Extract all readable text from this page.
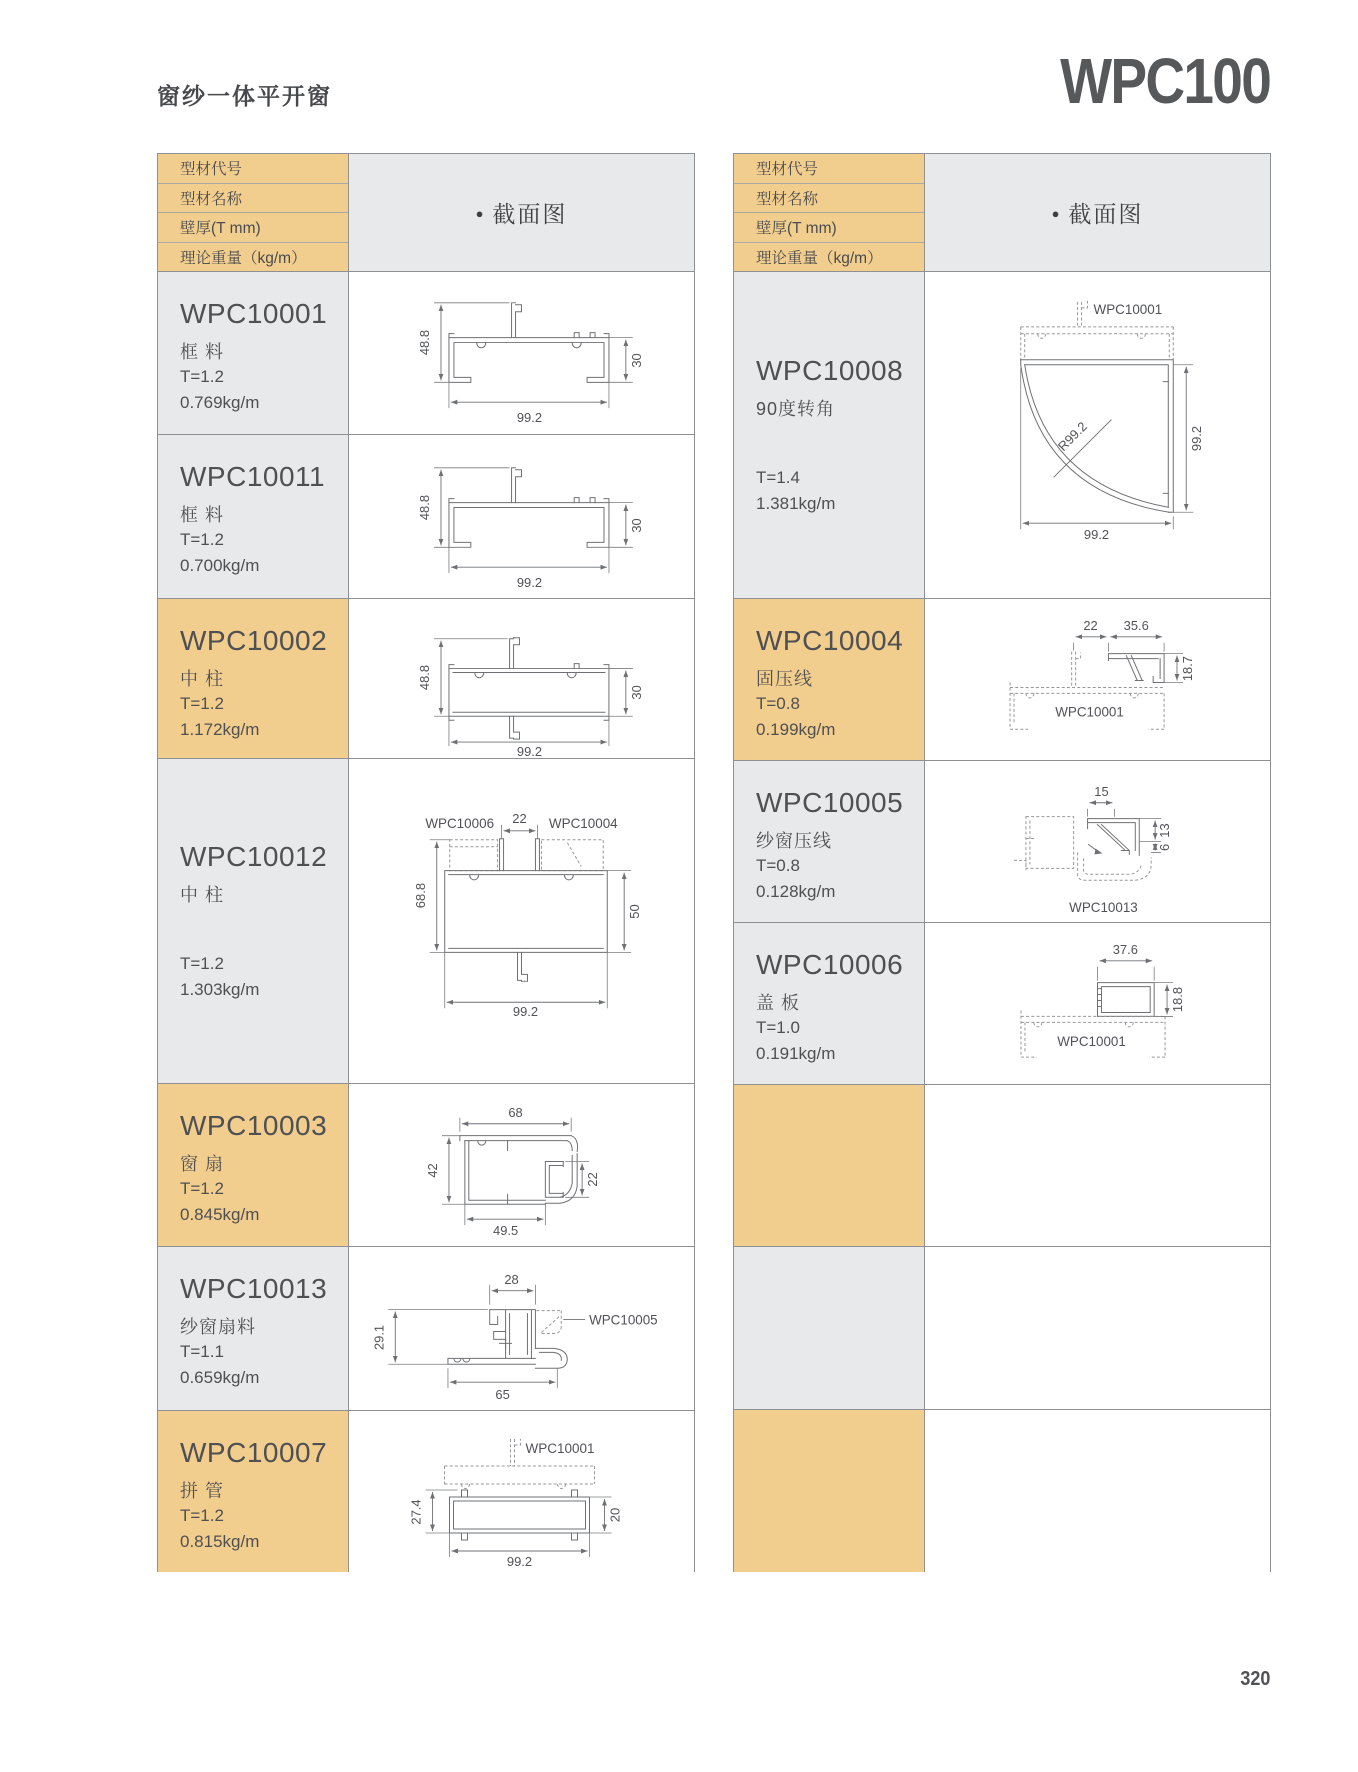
窗纱一体平开窗	WPC100
型材代号
型材名称
壁厚(T mm)
理论重量（kg/m）
● 截面图
WPC10001
框 料
T=1.2
0.769kg/m
48.8
30
99.2
WPC10011
框 料
T=1.2
0.700kg/m
48.8
30
99.2
WPC10002
中 柱
T=1.2
1.172kg/m
48.8
30
99.2
WPC10012
中 柱
T=1.2
1.303kg/m
WPC10006	WPC10004
22
68.8
50
99.2
WPC10003
窗 扇
T=1.2
0.845kg/m
68
42
22
49.5
WPC10013
纱窗扇料
T=1.1
0.659kg/m
28
29.1
65
WPC10005
WPC10007
拼 管
T=1.2
0.815kg/m
WPC10001
27.4	20
99.2
型材代号
型材名称
壁厚(T mm)
理论重量（kg/m）
● 截面图
WPC10008
90度转角
T=1.4
1.381kg/m
WPC10001
R99.2	99.2
99.2
WPC10004
固压线
T=0.8
0.199kg/m
22 35.6
18.7
WPC10001
WPC10005
纱窗压线
T=0.8
0.128kg/m
15
13
6
WPC10013
WPC10006
盖 板
T=1.0
0.191kg/m
37.6
18.8
WPC10001
320
